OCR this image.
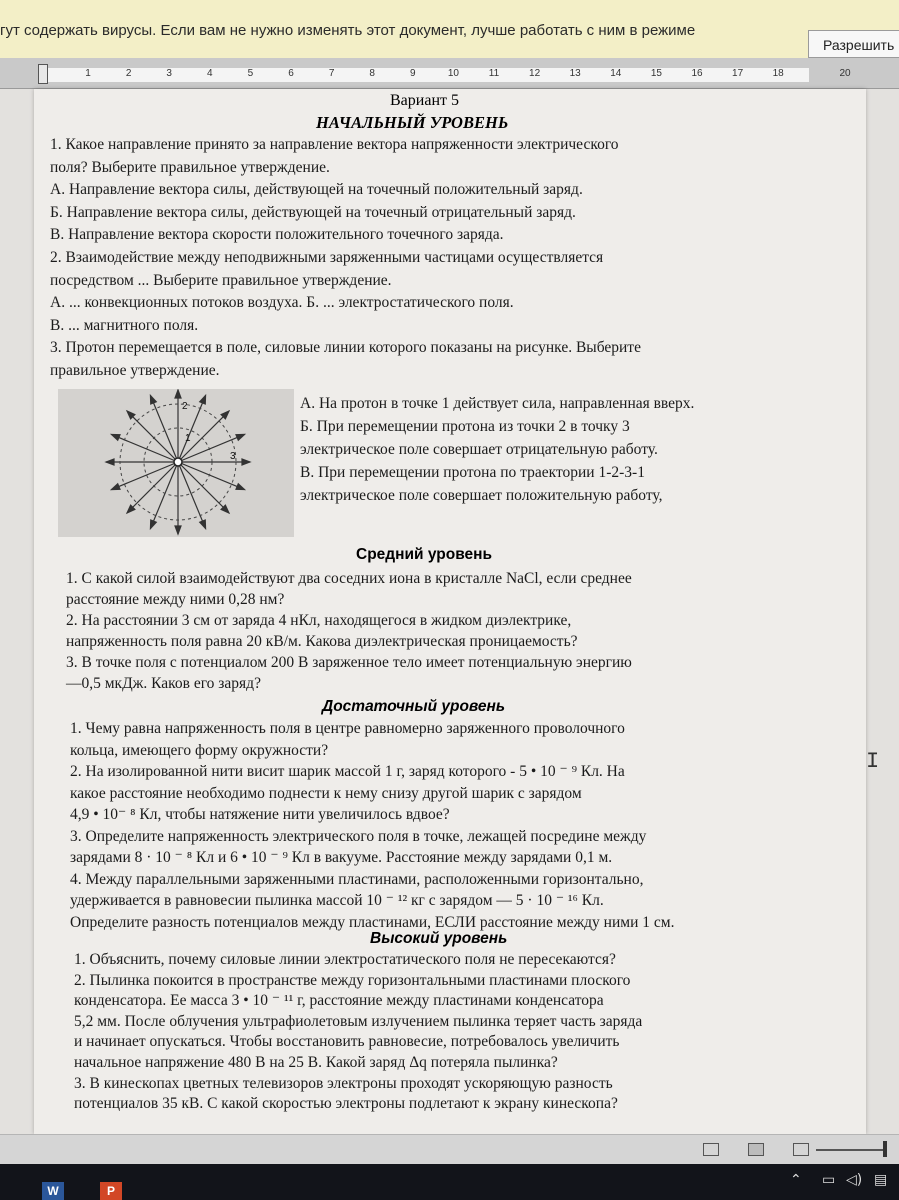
гут содержать вирусы. Если вам не нужно изменять этот документ, лучше работать с ним в режиме
Разрешить
1	2	3	4	5	6	7	8	9	10	11	12	13	14	15	16	17	18	20
Вариант 5
НАЧАЛЬНЫЙ УРОВЕНЬ
1. Какое направление принято за направление вектора напряженности электрического
поля? Выберите правильное утверждение.
А. Направление вектора силы, действующей на точечный положительный заряд.
Б. Направление вектора силы, действующей на точечный отрицательный заряд.
В. Направление вектора скорости положительного точечного заряда.
2. Взаимодействие между неподвижными заряженными частицами осуществляется
посредством ... Выберите правильное утверждение.
А. ... конвекционных потоков воздуха. Б. ... электростатического поля.
В. ... магнитного поля.
3. Протон перемещается в поле, силовые линии которого показаны на рисунке. Выберите
правильное утверждение.
1
2
3
А. На протон в точке 1 действует сила, направленная вверх.
Б. При перемещении протона из точки 2 в точку 3
электрическое поле совершает отрицательную работу.
В. При перемещении протона по траектории 1-2-3-1
электрическое поле совершает положительную работу,
Средний уровень
1. С какой силой взаимодействуют два соседних иона в кристалле NaCl, если среднее
расстояние между ними 0,28 нм?
2. На расстоянии 3 см от заряда 4 нКл, находящегося в жидком диэлектрике,
напряженность поля равна 20 кВ/м. Какова диэлектрическая проницаемость?
3. В точке поля с потенциалом 200 В заряженное тело имеет потенциальную энергию
—0,5 мкДж. Каков его заряд?
Достаточный уровень
1. Чему равна напряженность поля в центре равномерно заряженного проволочного
кольца, имеющего форму окружности?
2. На изолированной нити висит шарик массой 1 г, заряд которого - 5 • 10 ⁻ ⁹ Кл. На
какое расстояние необходимо поднести к нему снизу другой шарик с зарядом
4,9 • 10⁻ ⁸ Кл, чтобы натяжение нити увеличилось вдвое?
3. Определите напряженность электрического поля в точке, лежащей посредине между
зарядами 8 · 10 ⁻ ⁸ Кл и 6 • 10 ⁻ ⁹ Кл в вакууме. Расстояние между зарядами 0,1 м.
4. Между параллельными заряженными пластинами, расположенными горизонтально,
удерживается в равновесии пылинка массой 10 ⁻ ¹² кг с зарядом — 5 · 10 ⁻ ¹⁶ Кл.
Определите разность потенциалов между пластинами, ЕСЛИ расстояние между ними 1 см.
Высокий уровень
1. Объяснить, почему силовые линии электростатического поля не пересекаются?
2. Пылинка покоится в пространстве между горизонтальными пластинами плоского
конденсатора. Ее масса 3 • 10 ⁻ ¹¹ г, расстояние между пластинами конденсатора
5,2 мм. После облучения ультрафиолетовым излучением пылинка теряет часть заряда
и начинает опускаться. Чтобы восстановить равновесие, потребовалось увеличить
начальное напряжение 480 В на 25 В. Какой заряд Δq потеряла пылинка?
3. В кинескопах цветных телевизоров электроны проходят ускоряющую разность
потенциалов 35 кВ. С какой скоростью электроны подлетают к экрану кинескопа?
I
W	P
⌃ ▭ ◁) ▤
